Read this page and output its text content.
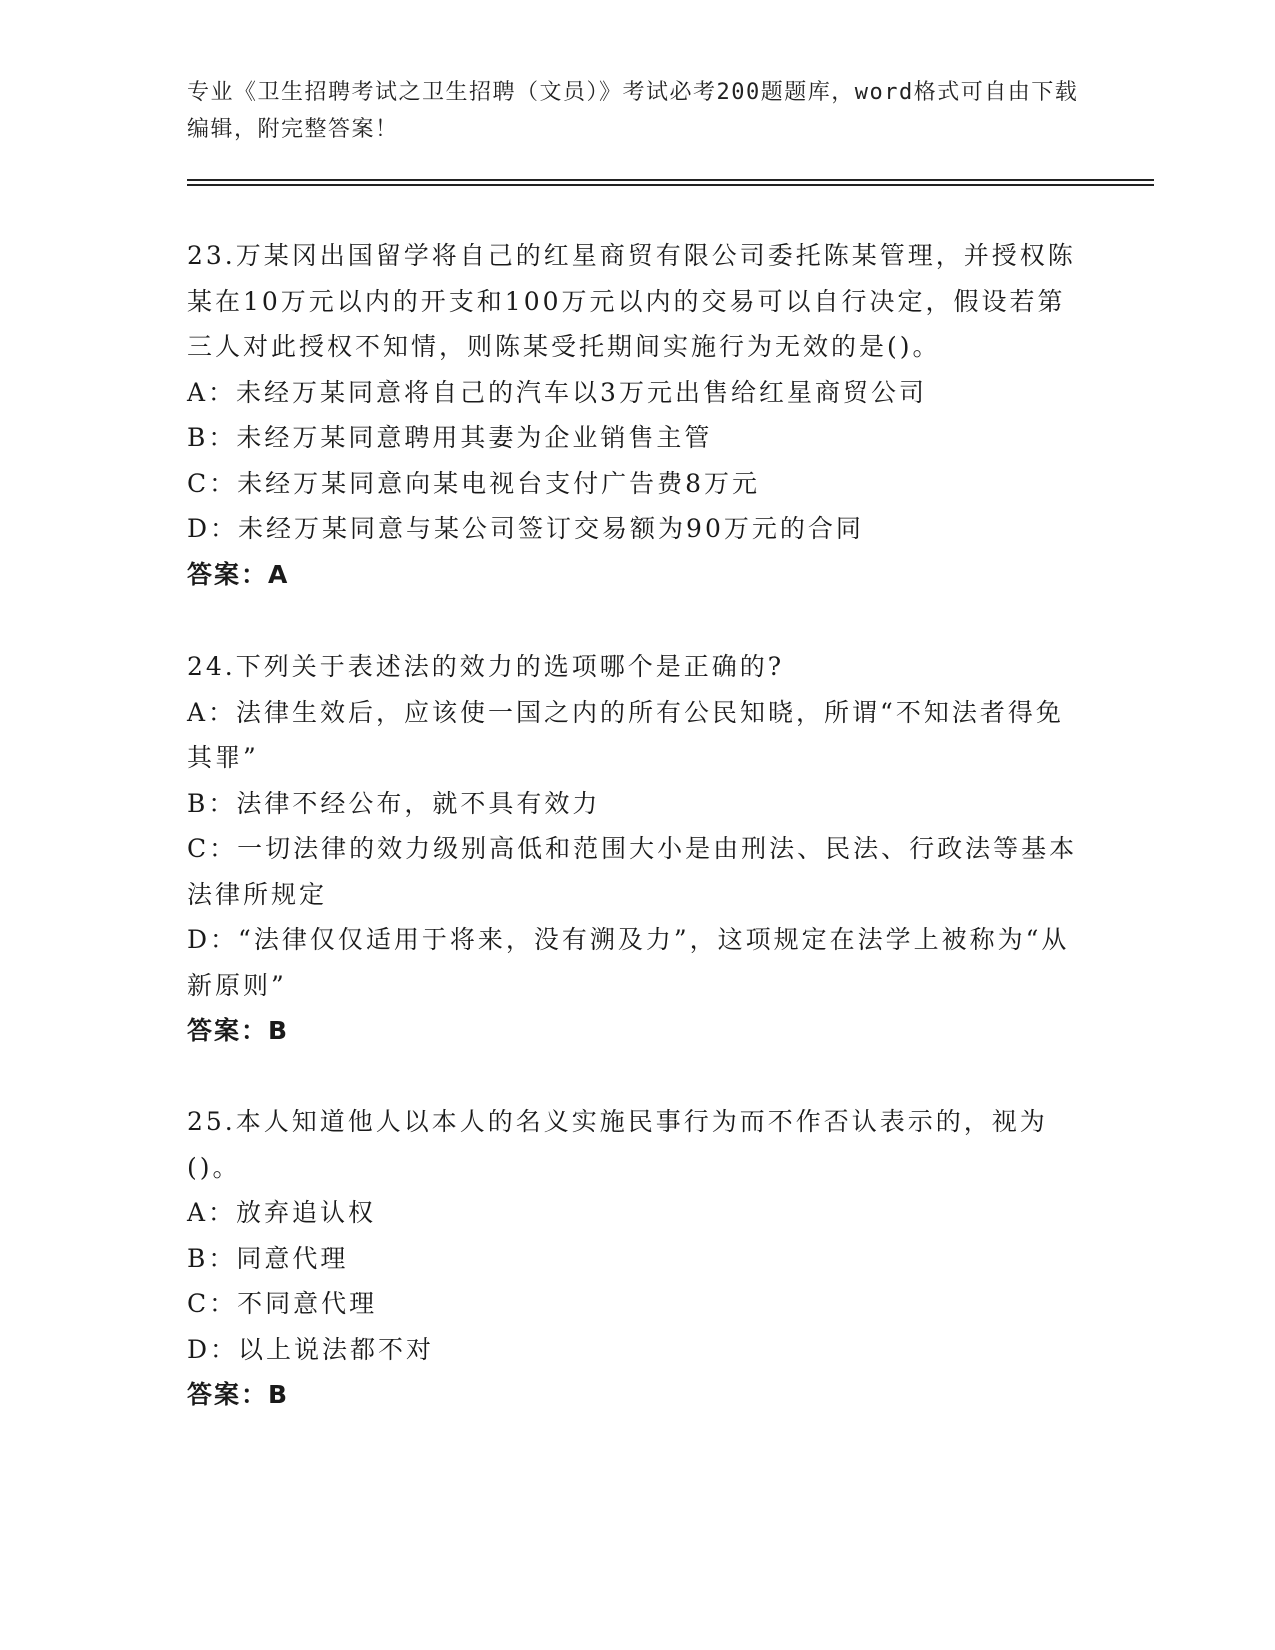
专业《卫生招聘考试之卫生招聘（文员）》考试必考200题题库，word格式可自由下载编辑，附完整答案！

23.万某冈出国留学将自己的红星商贸有限公司委托陈某管理，并授权陈某在10万元以内的开支和100万元以内的交易可以自行决定，假设若第三人对此授权不知情，则陈某受托期间实施行为无效的是()。

A：未经万某同意将自己的汽车以3万元出售给红星商贸公司

B：未经万某同意聘用其妻为企业销售主管

C：未经万某同意向某电视台支付广告费8万元

D：未经万某同意与某公司签订交易额为90万元的合同

答案：A

24.下列关于表述法的效力的选项哪个是正确的?

A：法律生效后，应该使一国之内的所有公民知晓，所谓“不知法者得免其罪”

B：法律不经公布，就不具有效力

C：一切法律的效力级别高低和范围大小是由刑法、民法、行政法等基本法律所规定

D：“法律仅仅适用于将来，没有溯及力”，这项规定在法学上被称为“从新原则”

答案：B

25.本人知道他人以本人的名义实施民事行为而不作否认表示的，视为()。

A：放弃追认权

B：同意代理

C：不同意代理

D：以上说法都不对

答案：B
